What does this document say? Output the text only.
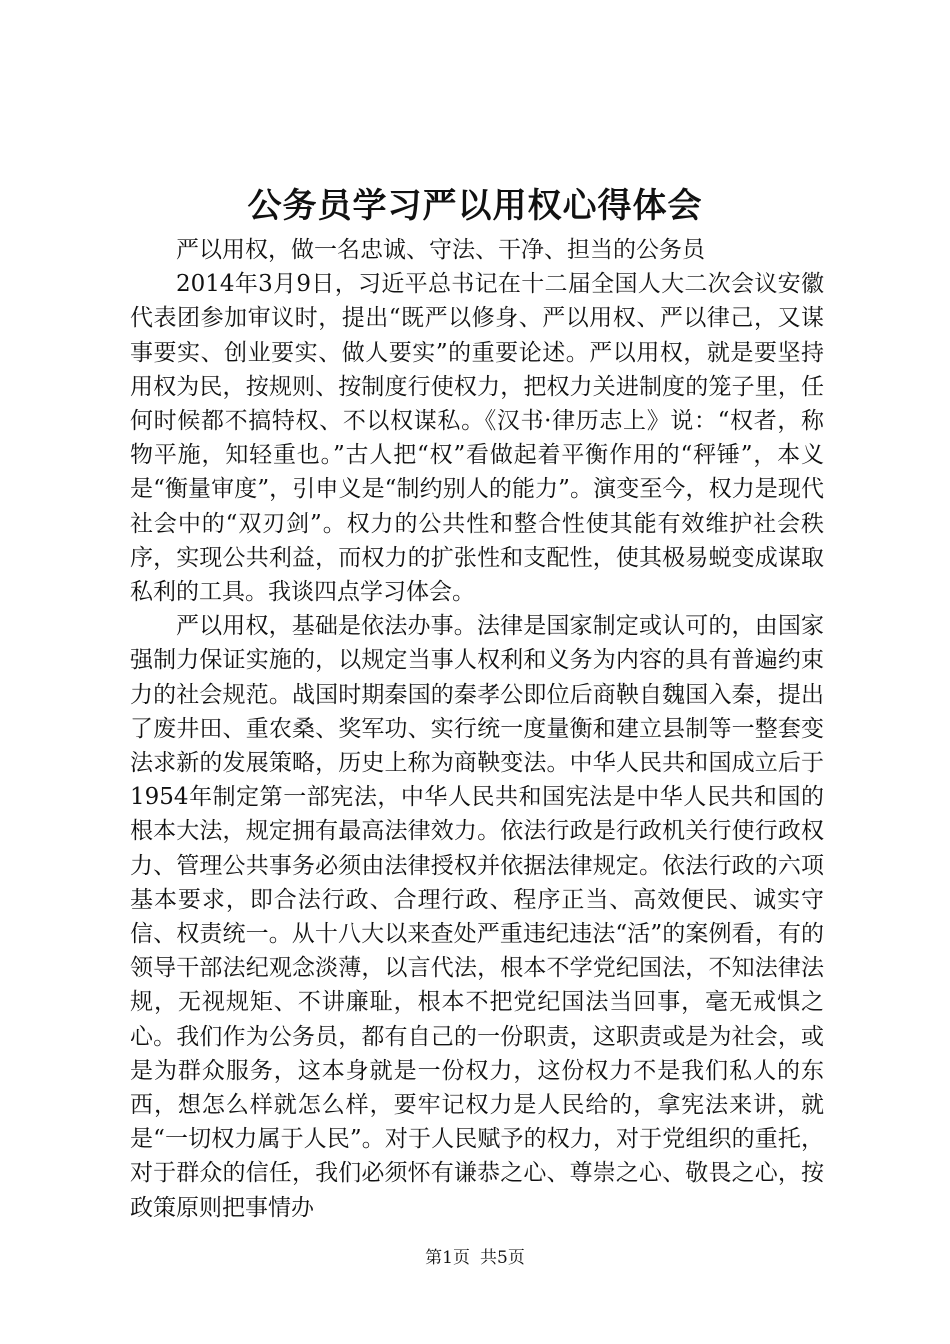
公务员学习严以用权心得体会

严以用权，做一名忠诚、守法、干净、担当的公务员

2014年3月9日，习近平总书记在十二届全国人大二次会议安徽代表团参加审议时，提出“既严以修身、严以用权、严以律己，又谋事要实、创业要实、做人要实”的重要论述。严以用权，就是要坚持用权为民，按规则、按制度行使权力，把权力关进制度的笼子里，任何时候都不搞特权、不以权谋私。《汉书·律历志上》说：“权者，称物平施，知轻重也。”古人把“权”看做起着平衡作用的“秤锤”，本义是“衡量审度”，引申义是“制约别人的能力”。演变至今，权力是现代社会中的“双刃剑”。权力的公共性和整合性使其能有效维护社会秩序，实现公共利益，而权力的扩张性和支配性，使其极易蜕变成谋取私利的工具。我谈四点学习体会。

严以用权，基础是依法办事。法律是国家制定或认可的，由国家强制力保证实施的，以规定当事人权利和义务为内容的具有普遍约束力的社会规范。战国时期秦国的秦孝公即位后商鞅自魏国入秦，提出了废井田、重农桑、奖军功、实行统一度量衡和建立县制等一整套变法求新的发展策略，历史上称为商鞅变法。中华人民共和国成立后于1954年制定第一部宪法，中华人民共和国宪法是中华人民共和国的根本大法，规定拥有最高法律效力。依法行政是行政机关行使行政权力、管理公共事务必须由法律授权并依据法律规定。依法行政的六项基本要求，即合法行政、合理行政、程序正当、高效便民、诚实守信、权责统一。从十八大以来查处严重违纪违法“活”的案例看，有的领导干部法纪观念淡薄，以言代法，根本不学党纪国法，不知法律法规，无视规矩、不讲廉耻，根本不把党纪国法当回事，毫无戒惧之心。我们作为公务员，都有自己的一份职责，这职责或是为社会，或是为群众服务，这本身就是一份权力，这份权力不是我们私人的东西，想怎么样就怎么样，要牢记权力是人民给的，拿宪法来讲，就是“一切权力属于人民”。对于人民赋予的权力，对于党组织的重托，对于群众的信任，我们必须怀有谦恭之心、尊崇之心、敬畏之心，按政策原则把事情办

第1页 共5页
